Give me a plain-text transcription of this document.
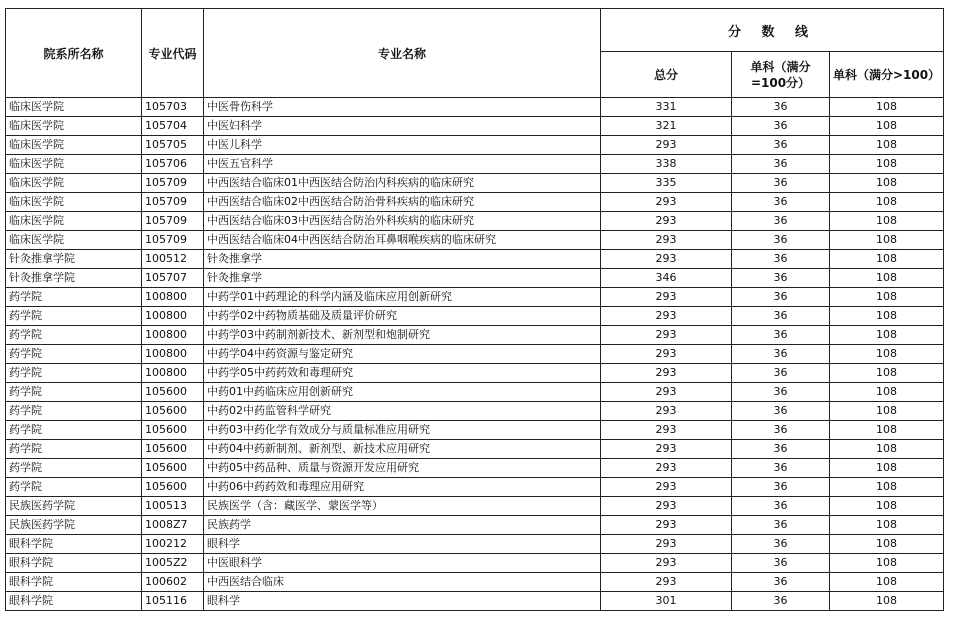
院系所名称	专业代码	专业名称	分 数 线		
			总分	单科（满分=100分）	单科（满分>100）
临床医学院	105703	中医骨伤科学	331	36	108
临床医学院	105704	中医妇科学	321	36	108
临床医学院	105705	中医儿科学	293	36	108
临床医学院	105706	中医五官科学	338	36	108
临床医学院	105709	中西医结合临床01中西医结合防治内科疾病的临床研究	335	36	108
临床医学院	105709	中西医结合临床02中西医结合防治骨科疾病的临床研究	293	36	108
临床医学院	105709	中西医结合临床03中西医结合防治外科疾病的临床研究	293	36	108
临床医学院	105709	中西医结合临床04中西医结合防治耳鼻咽喉疾病的临床研究	293	36	108
针灸推拿学院	100512	针灸推拿学	293	36	108
针灸推拿学院	105707	针灸推拿学	346	36	108
药学院	100800	中药学01中药理论的科学内涵及临床应用创新研究	293	36	108
药学院	100800	中药学02中药物质基础及质量评价研究	293	36	108
药学院	100800	中药学03中药制剂新技术、新剂型和炮制研究	293	36	108
药学院	100800	中药学04中药资源与鉴定研究	293	36	108
药学院	100800	中药学05中药药效和毒理研究	293	36	108
药学院	105600	中药01中药临床应用创新研究	293	36	108
药学院	105600	中药02中药监管科学研究	293	36	108
药学院	105600	中药03中药化学有效成分与质量标准应用研究	293	36	108
药学院	105600	中药04中药新制剂、新剂型、新技术应用研究	293	36	108
药学院	105600	中药05中药品种、质量与资源开发应用研究	293	36	108
药学院	105600	中药06中药药效和毒理应用研究	293	36	108
民族医药学院	100513	民族医学（含：藏医学、蒙医学等）	293	36	108
民族医药学院	1008Z7	民族药学	293	36	108
眼科学院	100212	眼科学	293	36	108
眼科学院	1005Z2	中医眼科学	293	36	108
眼科学院	100602	中西医结合临床	293	36	108
眼科学院	105116	眼科学	301	36	108
